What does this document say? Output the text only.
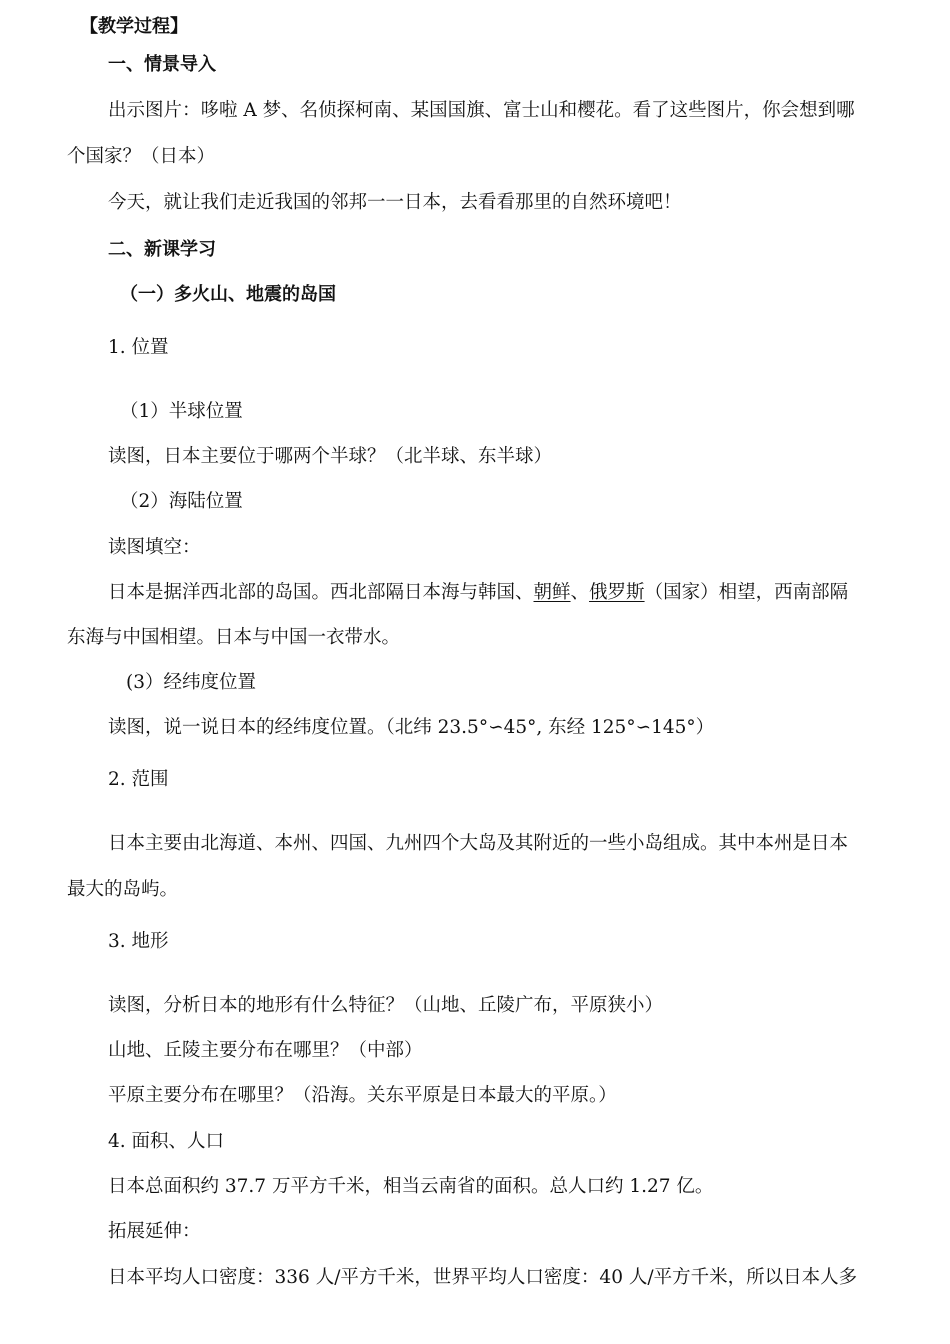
【教学过程】
一、情景导入
出示图片：哆啦 A 梦、名侦探柯南、某国国旗、富士山和樱花。看了这些图片，你会想到哪
个国家？（日本）
今天，就让我们走近我国的邻邦一一日本，去看看那里的自然环境吧！
二、新课学习
（一）多火山、地震的岛国
1. 位置
（1）半球位置
读图，日本主要位于哪两个半球？（北半球、东半球）
（2）海陆位置
读图填空：
日本是据洋西北部的岛国。西北部隔日本海与韩国、朝鲜、俄罗斯（国家）相望，西南部隔
东海与中国相望。日本与中国一衣带水。
(3）经纬度位置
读图，说一说日本的经纬度位置。（北纬 23.5°∽45°, 东经 125°∽145°）
2. 范围
日本主要由北海道、本州、四国、九州四个大岛及其附近的一些小岛组成。其中本州是日本
最大的岛屿。
3. 地形
读图，分析日本的地形有什么特征？（山地、丘陵广布，平原狭小）
山地、丘陵主要分布在哪里？（中部）
平原主要分布在哪里？（沿海。关东平原是日本最大的平原。）
4. 面积、人口
日本总面积约 37.7 万平方千米，相当云南省的面积。总人口约 1.27 亿。
拓展延伸：
日本平均人口密度：336 人/平方千米，世界平均人口密度：40 人/平方千米，所以日本人多
